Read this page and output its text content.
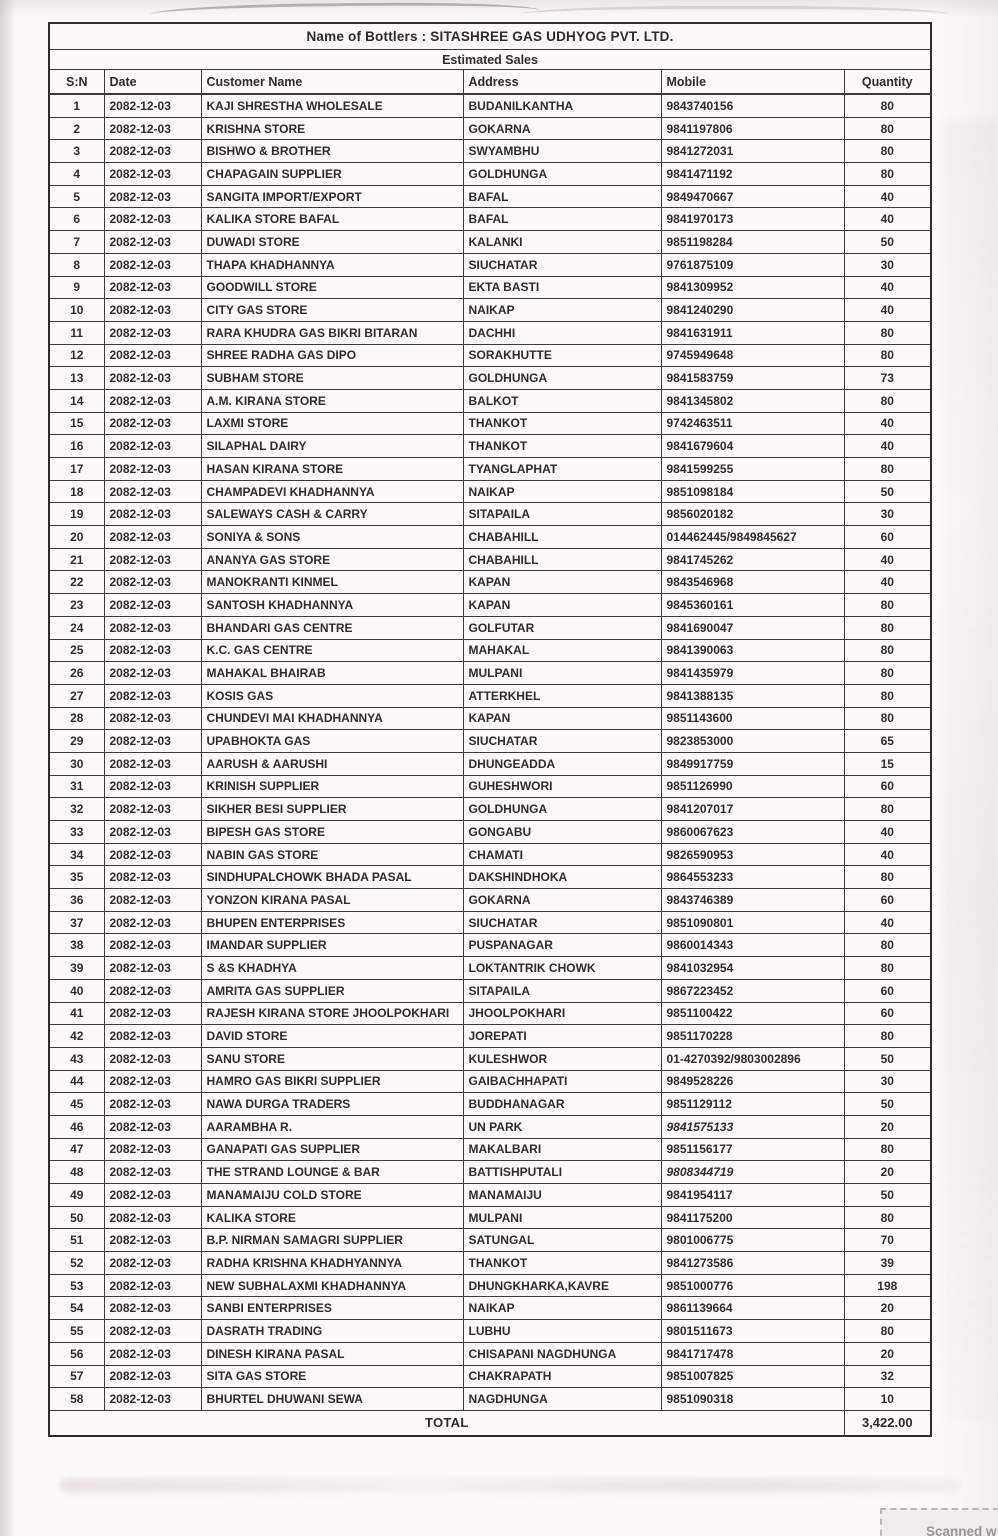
Name of Bottlers : SITASHREE GAS UDHYOG PVT. LTD.					
Estimated Sales					
S:N	Date	Customer Name	Address	Mobile	Quantity
1	2082-12-03	KAJI SHRESTHA WHOLESALE	BUDANILKANTHA	9843740156	80
2	2082-12-03	KRISHNA STORE	GOKARNA	9841197806	80
3	2082-12-03	BISHWO & BROTHER	SWYAMBHU	9841272031	80
4	2082-12-03	CHAPAGAIN SUPPLIER	GOLDHUNGA	9841471192	80
5	2082-12-03	SANGITA IMPORT/EXPORT	BAFAL	9849470667	40
6	2082-12-03	KALIKA STORE BAFAL	BAFAL	9841970173	40
7	2082-12-03	DUWADI STORE	KALANKI	9851198284	50
8	2082-12-03	THAPA KHADHANNYA	SIUCHATAR	9761875109	30
9	2082-12-03	GOODWILL STORE	EKTA BASTI	9841309952	40
10	2082-12-03	CITY GAS STORE	NAIKAP	9841240290	40
11	2082-12-03	RARA KHUDRA GAS BIKRI BITARAN	DACHHI	9841631911	80
12	2082-12-03	SHREE RADHA GAS DIPO	SORAKHUTTE	9745949648	80
13	2082-12-03	SUBHAM STORE	GOLDHUNGA	9841583759	73
14	2082-12-03	A.M. KIRANA STORE	BALKOT	9841345802	80
15	2082-12-03	LAXMI STORE	THANKOT	9742463511	40
16	2082-12-03	SILAPHAL DAIRY	THANKOT	9841679604	40
17	2082-12-03	HASAN KIRANA STORE	TYANGLAPHAT	9841599255	80
18	2082-12-03	CHAMPADEVI KHADHANNYA	NAIKAP	9851098184	50
19	2082-12-03	SALEWAYS CASH & CARRY	SITAPAILA	9856020182	30
20	2082-12-03	SONIYA & SONS	CHABAHILL	014462445/9849845627	60
21	2082-12-03	ANANYA GAS STORE	CHABAHILL	9841745262	40
22	2082-12-03	MANOKRANTI KINMEL	KAPAN	9843546968	40
23	2082-12-03	SANTOSH KHADHANNYA	KAPAN	9845360161	80
24	2082-12-03	BHANDARI GAS CENTRE	GOLFUTAR	9841690047	80
25	2082-12-03	K.C. GAS CENTRE	MAHAKAL	9841390063	80
26	2082-12-03	MAHAKAL BHAIRAB	MULPANI	9841435979	80
27	2082-12-03	KOSIS GAS	ATTERKHEL	9841388135	80
28	2082-12-03	CHUNDEVI MAI KHADHANNYA	KAPAN	9851143600	80
29	2082-12-03	UPABHOKTA GAS	SIUCHATAR	9823853000	65
30	2082-12-03	AARUSH & AARUSHI	DHUNGEADDA	9849917759	15
31	2082-12-03	KRINISH SUPPLIER	GUHESHWORI	9851126990	60
32	2082-12-03	SIKHER BESI SUPPLIER	GOLDHUNGA	9841207017	80
33	2082-12-03	BIPESH GAS STORE	GONGABU	9860067623	40
34	2082-12-03	NABIN GAS STORE	CHAMATI	9826590953	40
35	2082-12-03	SINDHUPALCHOWK BHADA PASAL	DAKSHINDHOKA	9864553233	80
36	2082-12-03	YONZON KIRANA PASAL	GOKARNA	9843746389	60
37	2082-12-03	BHUPEN ENTERPRISES	SIUCHATAR	9851090801	40
38	2082-12-03	IMANDAR SUPPLIER	PUSPANAGAR	9860014343	80
39	2082-12-03	S &S KHADHYA	LOKTANTRIK CHOWK	9841032954	80
40	2082-12-03	AMRITA GAS SUPPLIER	SITAPAILA	9867223452	60
41	2082-12-03	RAJESH KIRANA STORE JHOOLPOKHARI	JHOOLPOKHARI	9851100422	60
42	2082-12-03	DAVID STORE	JOREPATI	9851170228	80
43	2082-12-03	SANU STORE	KULESHWOR	01-4270392/9803002896	50
44	2082-12-03	HAMRO GAS BIKRI SUPPLIER	GAIBACHHAPATI	9849528226	30
45	2082-12-03	NAWA DURGA TRADERS	BUDDHANAGAR	9851129112	50
46	2082-12-03	AARAMBHA R.	UN PARK	9841575133	20
47	2082-12-03	GANAPATI GAS SUPPLIER	MAKALBARI	9851156177	80
48	2082-12-03	THE STRAND LOUNGE & BAR	BATTISHPUTALI	9808344719	20
49	2082-12-03	MANAMAIJU COLD STORE	MANAMAIJU	9841954117	50
50	2082-12-03	KALIKA STORE	MULPANI	9841175200	80
51	2082-12-03	B.P. NIRMAN SAMAGRI SUPPLIER	SATUNGAL	9801006775	70
52	2082-12-03	RADHA KRISHNA KHADHYANNYA	THANKOT	9841273586	39
53	2082-12-03	NEW SUBHALAXMI KHADHANNYA	DHUNGKHARKA,KAVRE	9851000776	198
54	2082-12-03	SANBI ENTERPRISES	NAIKAP	9861139664	20
55	2082-12-03	DASRATH TRADING	LUBHU	9801511673	80
56	2082-12-03	DINESH KIRANA PASAL	CHISAPANI NAGDHUNGA	9841717478	20
57	2082-12-03	SITA GAS STORE	CHAKRAPATH	9851007825	32
58	2082-12-03	BHURTEL DHUWANI SEWA	NAGDHUNGA	9851090318	10
TOTAL					3,422.00
Scanned w
